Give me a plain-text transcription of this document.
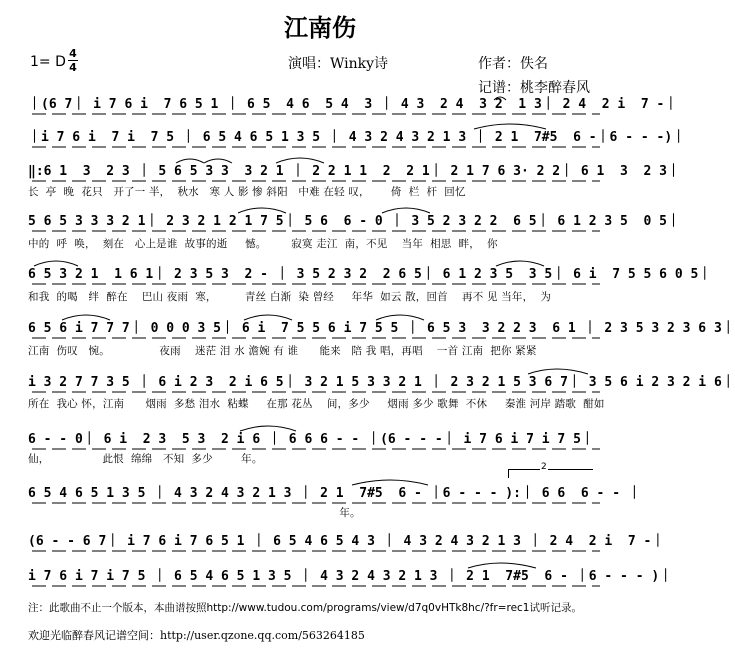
江南伤
1= D
4
4	演唱：Winky诗	作者：佚名
记谱：桃李醉春风
｜(6 7｜ i 7 6 i  7 6 5 1 ｜ 6 5  4 6  5 4  3 ｜ 4 3  2 4  3 2  1 3｜ 2 4  2 i  7 -｜
｜i 7 6 i  7 i  7 5 ｜ 6 5 4 6 5 1 3 5 ｜ 4 3 2 4 3 2 1 3 ｜ 2 1  7#5  6 -｜6 - - -)｜
‖:6 1  3  2 3 ｜ 5 6 5 3 3  3 2 1 ｜ 2 2 1 1  2  2 1｜ 2 1 7 6 3· 2 2｜ 6 1  3  2 3｜
长  亭  晚  花只   开了一 半，  秋水   寒 人 影 惨 斜阳   中难 在轻 叹，      倚  栏  杆  回忆
5 6 5 3 3 3 2 1｜ 2 3 2 1 2 1 7 5｜ 5 6  6 - 0 ｜ 3 5 2 3 2 2  6 5｜ 6 1 2 3 5  0 5｜
中的  呼  唤，  刻在   心上是谁  故事的逝     憾。       寂寞 走江  南，不见    当年  相思  畔，  你
6 5 3 2 1  1 6 1｜ 2 3 5 3  2 - ｜ 3 5 2 3 2  2 6 5｜ 6 1 2 3 5  3 5｜ 6 i  7 5 5 6 0 5｜
和我  的喝   绊  醉在    巴山 夜雨  寒，        青丝 白渐  染 曾经     年华  如云 散，回首    再不 见 当年，  为
6 5 6 i 7 7 7｜ 0 0 0 3 5｜ 6 i  7 5 5 6 i 7 5 5 ｜ 6 5 3  3 2 2 3  6 1 ｜ 2 3 5 3 2 3 6 3｜
江南  伤叹   惋。              夜雨    迷茫 泪 水 澹婉 有 谁      能来   陪 我 唱，再唱    一首 江南  把你 紧紧
i 3 2 7 7 3 5 ｜ 6 i 2 3  2 i 6 5｜ 3 2 1 5 3 3 2 1 ｜ 2 3 2 1 5 3 6 7｜ 3 5 6 i 2 3 2 i 6｜
所在  我心 怀，江南      烟雨  多愁 泪水  粘蝶     在那 花丛    间，多少     烟雨 多少 歌舞  不休     秦淮 河岸 踏歌  酣如
6 - - 0｜ 6 i  2 3  5 3  2 i 6 ｜ 6 6 6 - - ｜(6 - - -｜ i 7 6 i 7 i 7 5｜
仙，               此恨  绵绵   不知  多少        年。
6 5 4 6 5 1 3 5 ｜ 4 3 2 4 3 2 1 3 ｜ 2 1  7#5  6 - ｜6 - - - ):｜ 6 6  6 - - ｜
年。
(6 - - 6 7｜ i 7 6 i 7 6 5 1 ｜ 6 5 4 6 5 4 3 ｜ 4 3 2 4 3 2 1 3 ｜ 2 4  2 i  7 -｜
i 7 6 i 7 i 7 5 ｜ 6 5 4 6 5 1 3 5 ｜ 4 3 2 4 3 2 1 3 ｜ 2 1  7#5  6 - ｜6 - - - )｜
2
注：此歌曲不止一个版本，本曲谱按照http://www.tudou.com/programs/view/d7q0vHTk8hc/?fr=rec1试听记录。
欢迎光临醉春风记谱空间：http://user.qzone.qq.com/563264185
